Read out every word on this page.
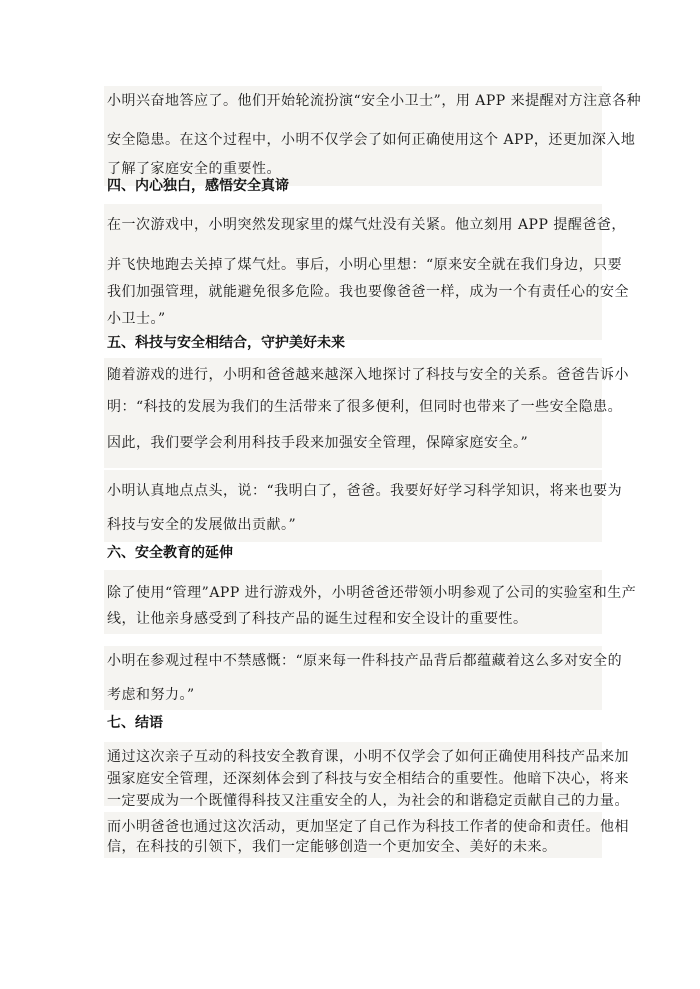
小明兴奋地答应了。他们开始轮流扮演“安全小卫士”，用 APP 来提醒对方注意各种
安全隐患。在这个过程中，小明不仅学会了如何正确使用这个 APP，还更加深入地
了解了家庭安全的重要性。
四、内心独白，感悟安全真谛
在一次游戏中，小明突然发现家里的煤气灶没有关紧。他立刻用 APP 提醒爸爸，
并飞快地跑去关掉了煤气灶。事后，小明心里想：“原来安全就在我们身边，只要
我们加强管理，就能避免很多危险。我也要像爸爸一样，成为一个有责任心的安全
小卫士。”
五、科技与安全相结合，守护美好未来
随着游戏的进行，小明和爸爸越来越深入地探讨了科技与安全的关系。爸爸告诉小
明：“科技的发展为我们的生活带来了很多便利，但同时也带来了一些安全隐患。
因此，我们要学会利用科技手段来加强安全管理，保障家庭安全。”
小明认真地点点头，说：“我明白了，爸爸。我要好好学习科学知识，将来也要为
科技与安全的发展做出贡献。”
六、安全教育的延伸
除了使用“管理”APP 进行游戏外，小明爸爸还带领小明参观了公司的实验室和生产
线，让他亲身感受到了科技产品的诞生过程和安全设计的重要性。
小明在参观过程中不禁感慨：“原来每一件科技产品背后都蕴藏着这么多对安全的
考虑和努力。”
七、结语
通过这次亲子互动的科技安全教育课，小明不仅学会了如何正确使用科技产品来加
强家庭安全管理，还深刻体会到了科技与安全相结合的重要性。他暗下决心，将来
一定要成为一个既懂得科技又注重安全的人，为社会的和谐稳定贡献自己的力量。
而小明爸爸也通过这次活动，更加坚定了自己作为科技工作者的使命和责任。他相
信，在科技的引领下，我们一定能够创造一个更加安全、美好的未来。
